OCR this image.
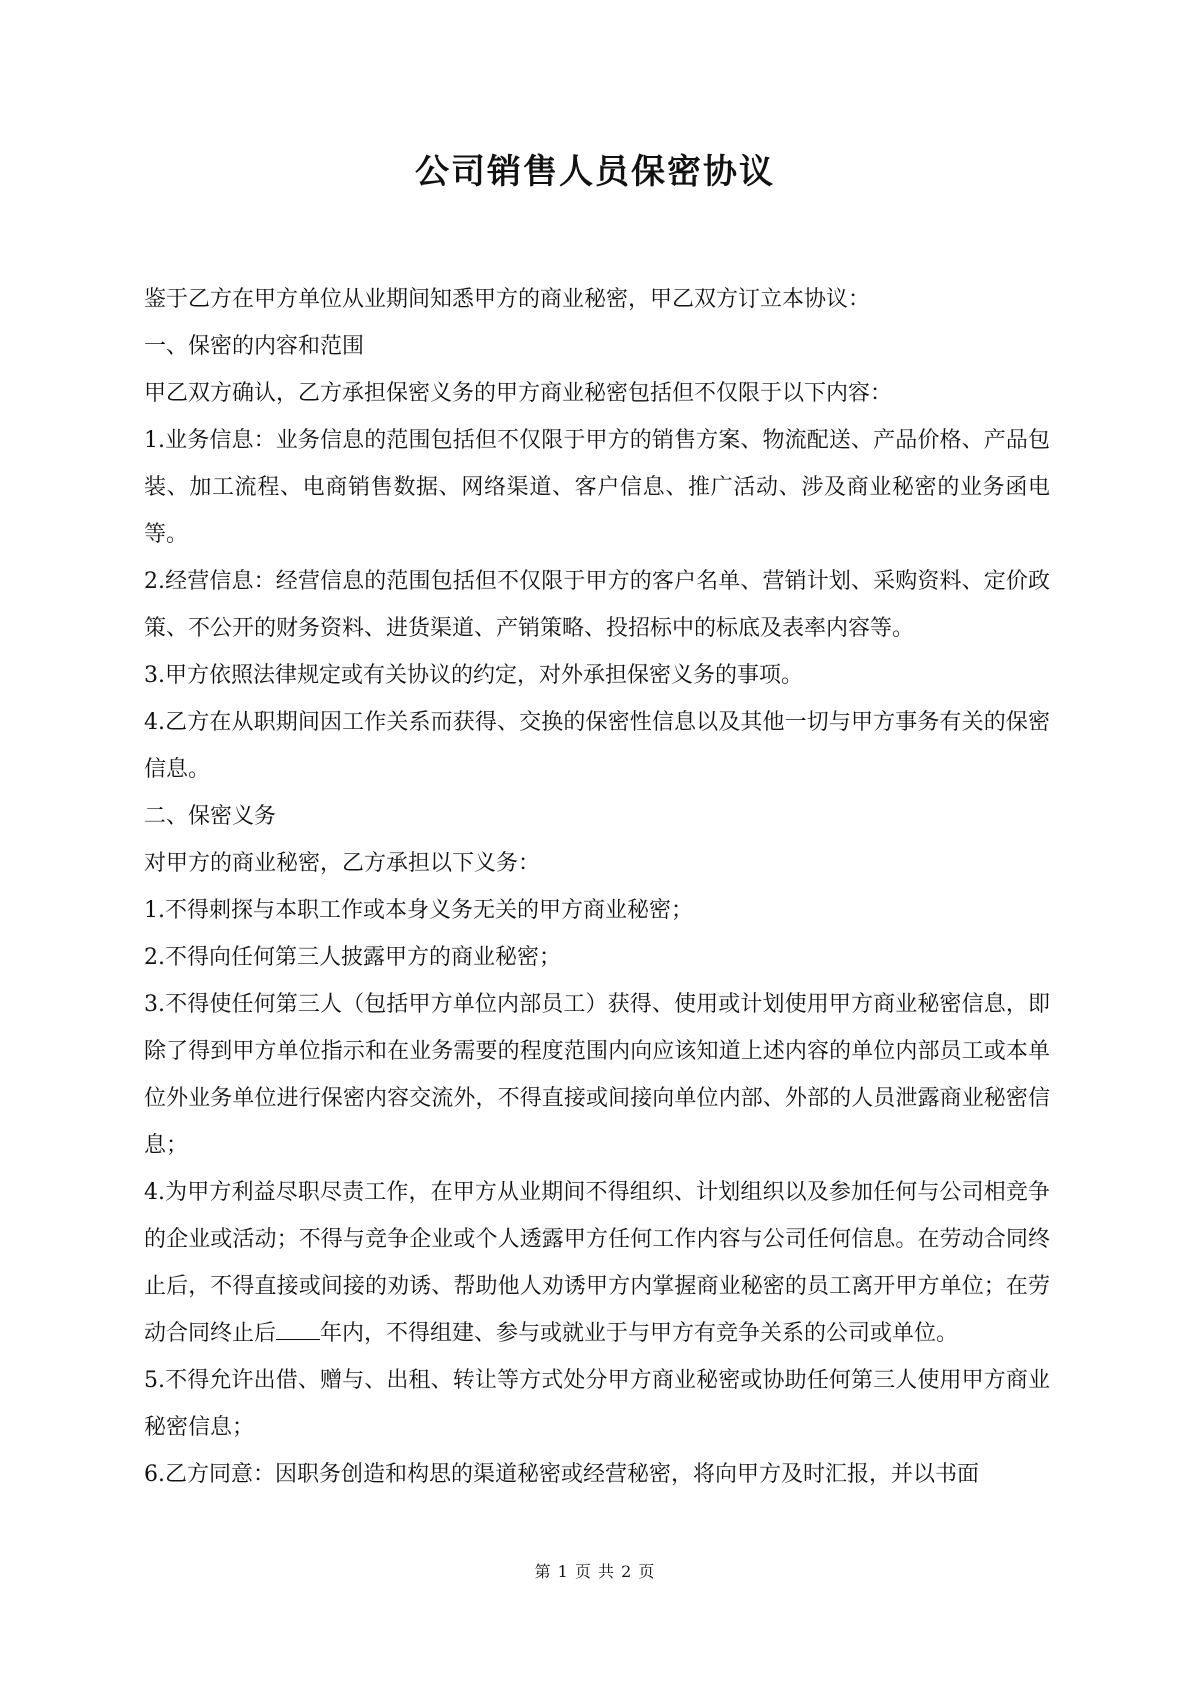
公司销售人员保密协议

鉴于乙方在甲方单位从业期间知悉甲方的商业秘密，甲乙双方订立本协议：

一、保密的内容和范围

甲乙双方确认，乙方承担保密义务的甲方商业秘密包括但不仅限于以下内容：

1.业务信息：业务信息的范围包括但不仅限于甲方的销售方案、物流配送、产品价格、产品包装、加工流程、电商销售数据、网络渠道、客户信息、推广活动、涉及商业秘密的业务函电等。

2.经营信息：经营信息的范围包括但不仅限于甲方的客户名单、营销计划、采购资料、定价政策、不公开的财务资料、进货渠道、产销策略、投招标中的标底及表率内容等。

3.甲方依照法律规定或有关协议的约定，对外承担保密义务的事项。

4.乙方在从职期间因工作关系而获得、交换的保密性信息以及其他一切与甲方事务有关的保密信息。

二、保密义务

对甲方的商业秘密，乙方承担以下义务：

1.不得刺探与本职工作或本身义务无关的甲方商业秘密；

2.不得向任何第三人披露甲方的商业秘密；

3.不得使任何第三人（包括甲方单位内部员工）获得、使用或计划使用甲方商业秘密信息，即除了得到甲方单位指示和在业务需要的程度范围内向应该知道上述内容的单位内部员工或本单位外业务单位进行保密内容交流外，不得直接或间接向单位内部、外部的人员泄露商业秘密信息；

4.为甲方利益尽职尽责工作，在甲方从业期间不得组织、计划组织以及参加任何与公司相竞争的企业或活动；不得与竞争企业或个人透露甲方任何工作内容与公司任何信息。在劳动合同终止后，不得直接或间接的劝诱、帮助他人劝诱甲方内掌握商业秘密的员工离开甲方单位；在劳动合同终止后 年内，不得组建、参与或就业于与甲方有竞争关系的公司或单位。

5.不得允许出借、赠与、出租、转让等方式处分甲方商业秘密或协助任何第三人使用甲方商业秘密信息；

6.乙方同意：因职务创造和构思的渠道秘密或经营秘密，将向甲方及时汇报，并以书面

第 1 页 共 2 页
